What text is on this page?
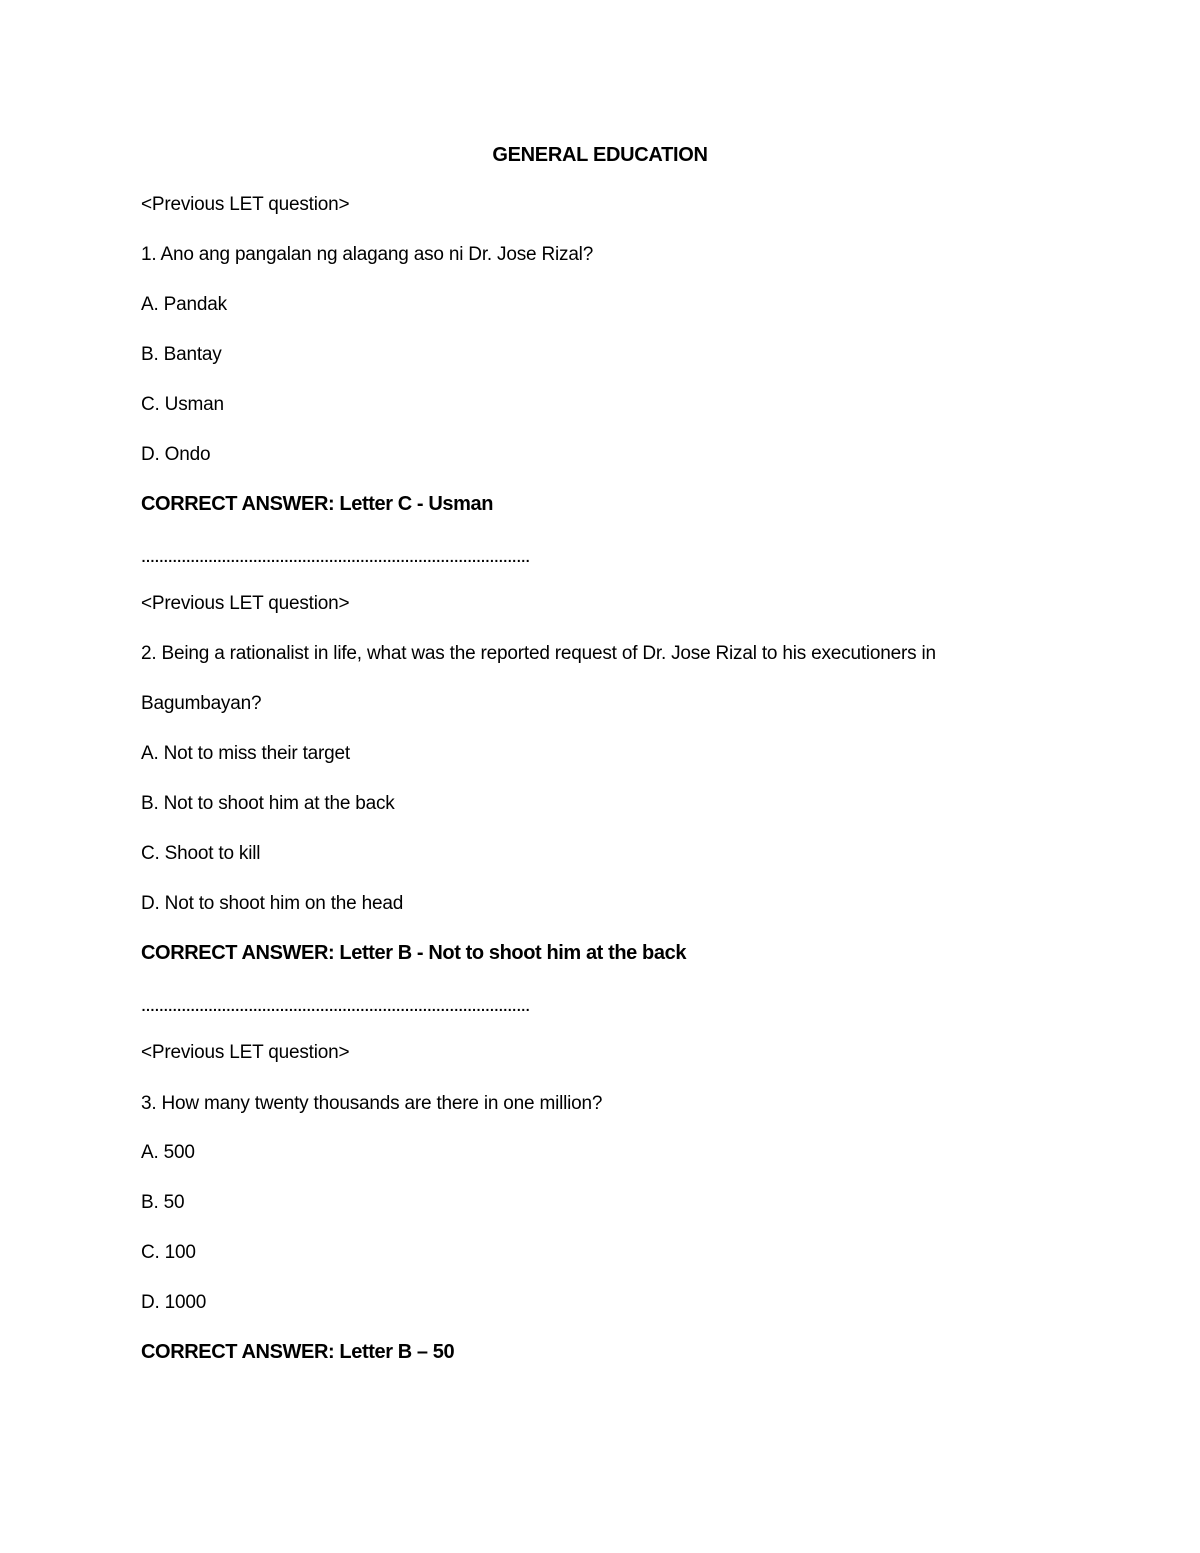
GENERAL EDUCATION
<Previous LET question>
1. Ano ang pangalan ng alagang aso ni Dr. Jose Rizal?
A. Pandak
B. Bantay
C. Usman
D. Ondo
CORRECT ANSWER: Letter C - Usman
……………………………………………………………………………
<Previous LET question>
2. Being a rationalist in life, what was the reported request of Dr. Jose Rizal to his executioners in
Bagumbayan?
A. Not to miss their target
B. Not to shoot him at the back
C. Shoot to kill
D. Not to shoot him on the head
CORRECT ANSWER: Letter B - Not to shoot him at the back
……………………………………………………………………………
<Previous LET question>
3. How many twenty thousands are there in one million?
A. 500
B. 50
C. 100
D. 1000
CORRECT ANSWER: Letter B – 50
